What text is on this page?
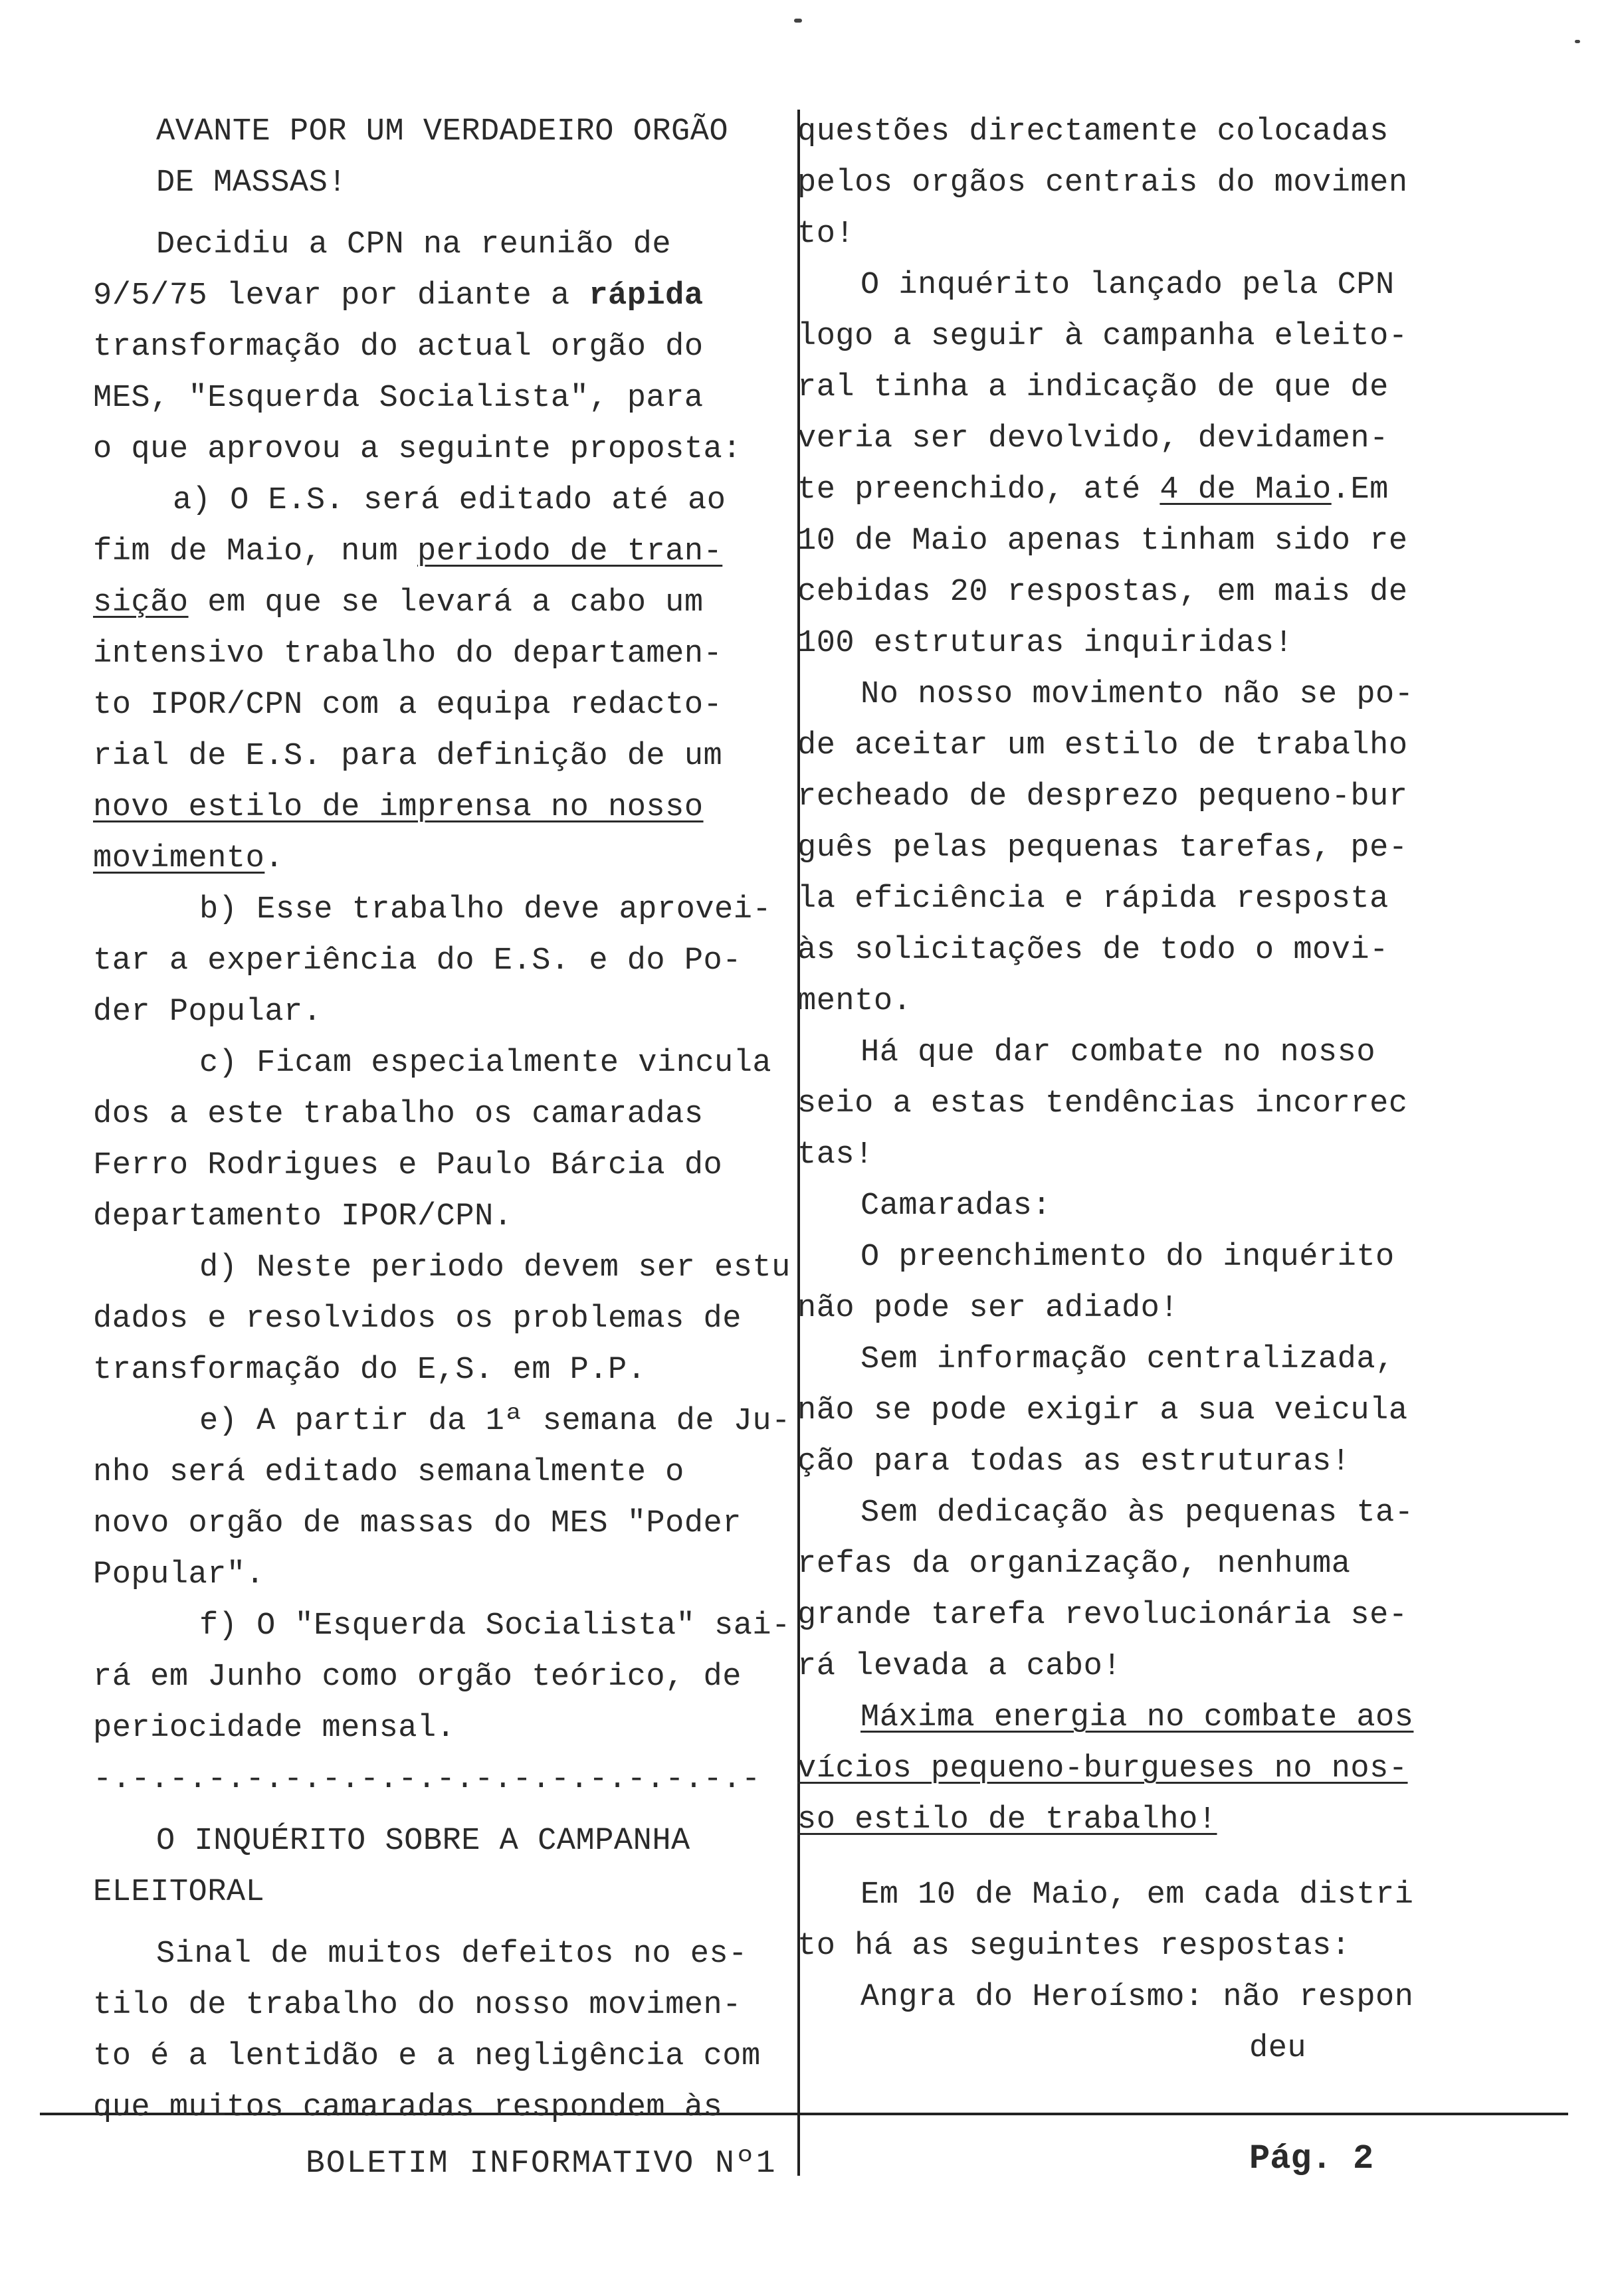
AVANTE POR UM VERDADEIRO ORGÃO

DE MASSAS!

Decidiu a CPN na reunião de

9/5/75 levar por diante a rápida

transformação do actual orgão do

MES, "Esquerda Socialista", para

o que aprovou a seguinte proposta:

a) O E.S. será editado até ao

fim de Maio, num periodo de tran-

sição em que se levará a cabo um

intensivo trabalho do departamen-

to IPOR/CPN com a equipa redacto-

rial de E.S. para definição de um

novo estilo de imprensa no nosso

movimento.

b) Esse trabalho deve aprovei-

tar a experiência do E.S. e do Po-

der Popular.

c) Ficam especialmente vincula

dos a este trabalho os camaradas

Ferro Rodrigues e Paulo Bárcia do

departamento IPOR/CPN.

d) Neste periodo devem ser estu

dados e resolvidos os problemas de

transformação do E,S. em P.P.

e) A partir da 1ª semana de Ju-

nho será editado semanalmente o

novo orgão de massas do MES "Poder

Popular".

f) O "Esquerda Socialista" sai-

rá em Junho como orgão teórico, de

periocidade mensal.

-.-.-.-.-.-.-.-.-.-.-.-.-.-.-.-.-.-

O INQUÉRITO SOBRE A CAMPANHA

ELEITORAL

Sinal de muitos defeitos no es-

tilo de trabalho do nosso movimen-

to é a lentidão e a negligência com

que muitos camaradas respondem às

questões directamente colocadas

pelos orgãos centrais do movimen

to!

O inquérito lançado pela CPN

logo a seguir à campanha eleito-

ral tinha a indicação de que de

veria ser devolvido, devidamen-

te preenchido, até 4 de Maio.Em

10 de Maio apenas tinham sido re

cebidas 20 respostas, em mais de

100 estruturas inquiridas!

No nosso movimento não se po-

de aceitar um estilo de trabalho

recheado de desprezo pequeno-bur

guês pelas pequenas tarefas, pe-

la eficiência e rápida resposta

às solicitações de todo o movi-

mento.

Há que dar combate no nosso

seio a estas tendências incorrec

tas!

Camaradas:

O preenchimento do inquérito

não pode ser adiado!

Sem informação centralizada,

não se pode exigir a sua veicula

ção para todas as estruturas!

Sem dedicação às pequenas ta-

refas da organização, nenhuma

grande tarefa revolucionária se-

rá levada a cabo!

Máxima energia no combate aos

vícios pequeno-burgueses no nos-

so estilo de trabalho!

Em 10 de Maio, em cada distri

to há as seguintes respostas:

Angra do Heroísmo: não respon

deu

BOLETIM INFORMATIVO Nº1	Pág. 2
